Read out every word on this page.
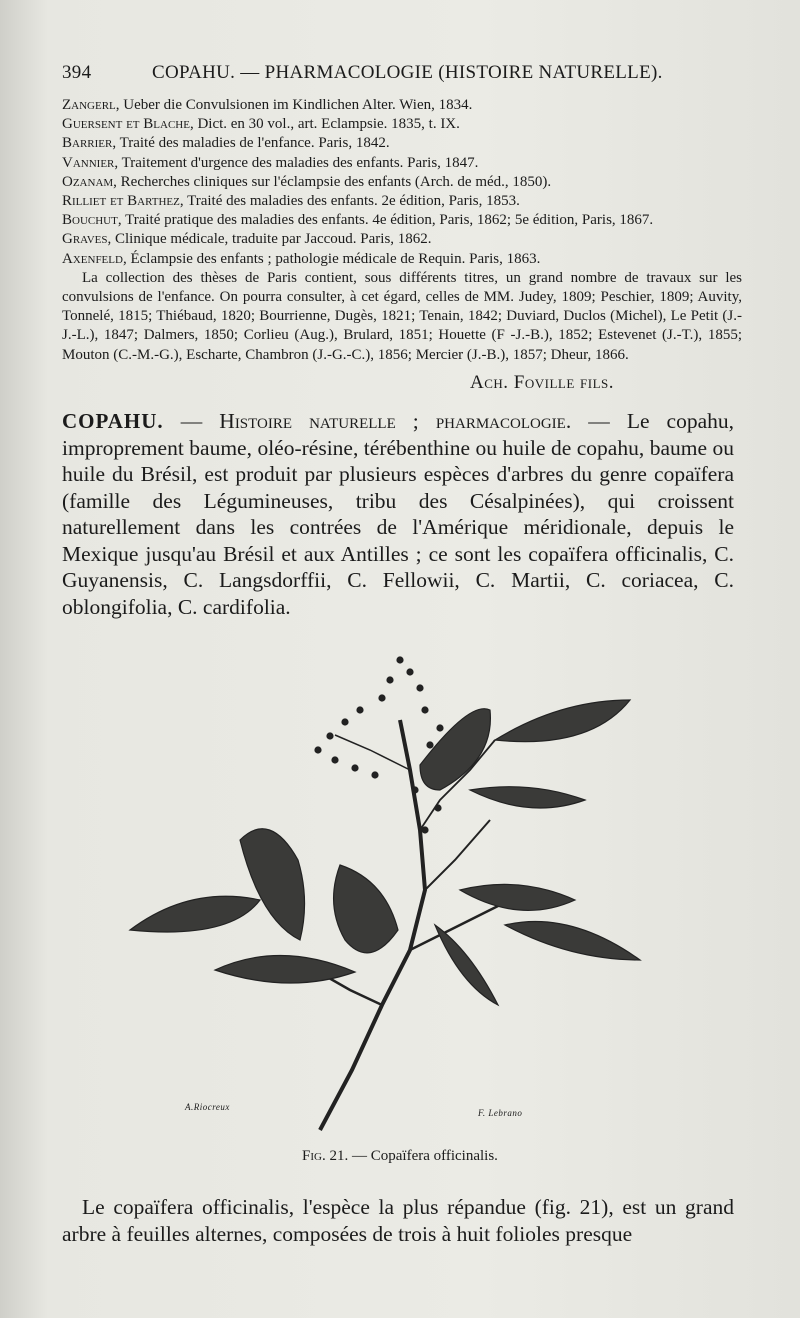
394	COPAHU. — PHARMACOLOGIE (HISTOIRE NATURELLE).

Zangerl, Ueber die Convulsionen im Kindlichen Alter. Wien, 1834.

Guersent et Blache, Dict. en 30 vol., art. Eclampsie. 1835, t. IX.

Barrier, Traité des maladies de l'enfance. Paris, 1842.

Vannier, Traitement d'urgence des maladies des enfants. Paris, 1847.

Ozanam, Recherches cliniques sur l'éclampsie des enfants (Arch. de méd., 1850).

Rilliet et Barthez, Traité des maladies des enfants. 2e édition, Paris, 1853.

Bouchut, Traité pratique des maladies des enfants. 4e édition, Paris, 1862; 5e édition, Paris, 1867.

Graves, Clinique médicale, traduite par Jaccoud. Paris, 1862.

Axenfeld, Éclampsie des enfants ; pathologie médicale de Requin. Paris, 1863.

La collection des thèses de Paris contient, sous différents titres, un grand nombre de travaux sur les convulsions de l'enfance. On pourra consulter, à cet égard, celles de MM. Judey, 1809; Peschier, 1809; Auvity, Tonnelé, 1815; Thiébaud, 1820; Bourrienne, Dugès, 1821; Tenain, 1842; Duviard, Duclos (Michel), Le Petit (J.-J.-L.), 1847; Dalmers, 1850; Corlieu (Aug.), Brulard, 1851; Houette (F -J.-B.), 1852; Estevenet (J.-T.), 1855; Mouton (C.-M.-G.), Escharte, Chambron (J.-G.-C.), 1856; Mercier (J.-B.), 1857; Dheur, 1866.

Ach. Foville fils.

COPAHU. — Histoire naturelle ; pharmacologie. — Le copahu, improprement baume, oléo-résine, térébenthine ou huile de copahu, baume ou huile du Brésil, est produit par plusieurs espèces d'arbres du genre copaïfera (famille des Légumineuses, tribu des Césalpinées), qui croissent naturellement dans les contrées de l'Amérique méridionale, depuis le Mexique jusqu'au Brésil et aux Antilles ; ce sont les copaïfera officinalis, C. Guyanensis, C. Langsdorffii, C. Fellowii, C. Martii, C. coriacea, C. oblongifolia, C. cardifolia.

A.Riocreux
F. Lebrano
Fig. 21. — Copaïfera officinalis.

Le copaïfera officinalis, l'espèce la plus répandue (fig. 21), est un grand arbre à feuilles alternes, composées de trois à huit folioles presque
